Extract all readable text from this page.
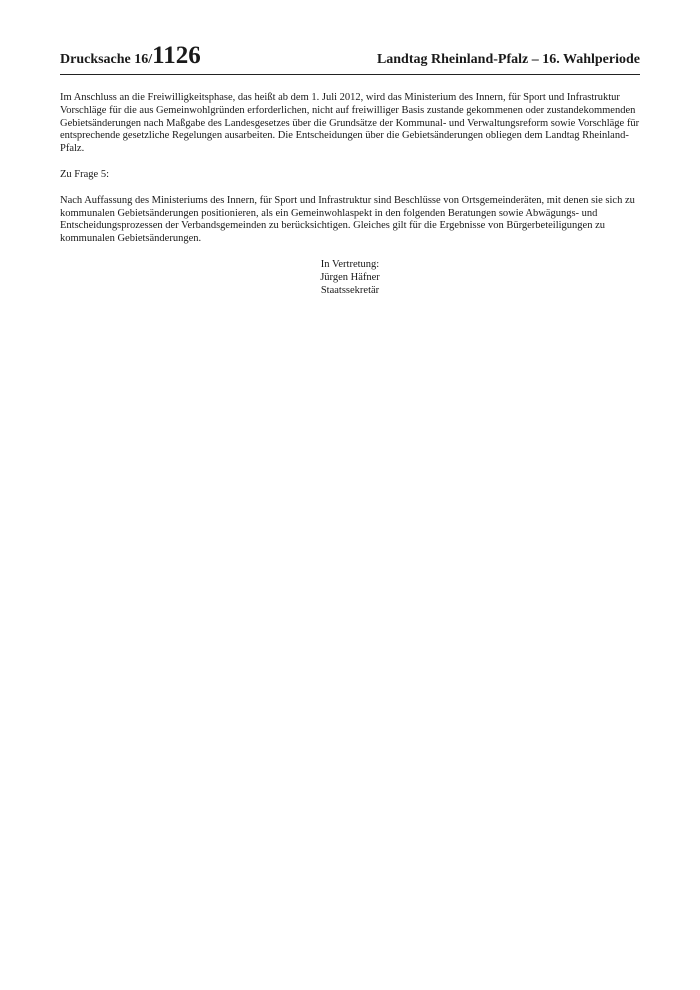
Drucksache 16/1126	Landtag Rheinland-Pfalz – 16. Wahlperiode

Im Anschluss an die Freiwilligkeitsphase, das heißt ab dem 1. Juli 2012, wird das Ministerium des Innern, für Sport und Infrastruktur Vorschläge für die aus Gemeinwohlgründen erforderlichen, nicht auf freiwilliger Basis zustande gekommenen oder zustandekommenden Gebietsänderungen nach Maßgabe des Landesgesetzes über die Grundsätze der Kommunal- und Verwaltungsreform sowie Vorschläge für entsprechende gesetzliche Regelungen ausarbeiten. Die Entscheidungen über die Gebietsänderungen obliegen dem Landtag Rheinland-Pfalz.

Zu Frage 5:

Nach Auffassung des Ministeriums des Innern, für Sport und Infrastruktur sind Beschlüsse von Ortsgemeinderäten, mit denen sie sich zu kommunalen Gebietsänderungen positionieren, als ein Gemeinwohlaspekt in den folgenden Beratungen sowie Abwägungs- und Entscheidungsprozessen der Verbandsgemeinden zu berücksichtigen. Gleiches gilt für die Ergebnisse von Bürgerbeteiligungen zu kommunalen Gebietsänderungen.

In Vertretung:
Jürgen Häfner
Staatssekretär
